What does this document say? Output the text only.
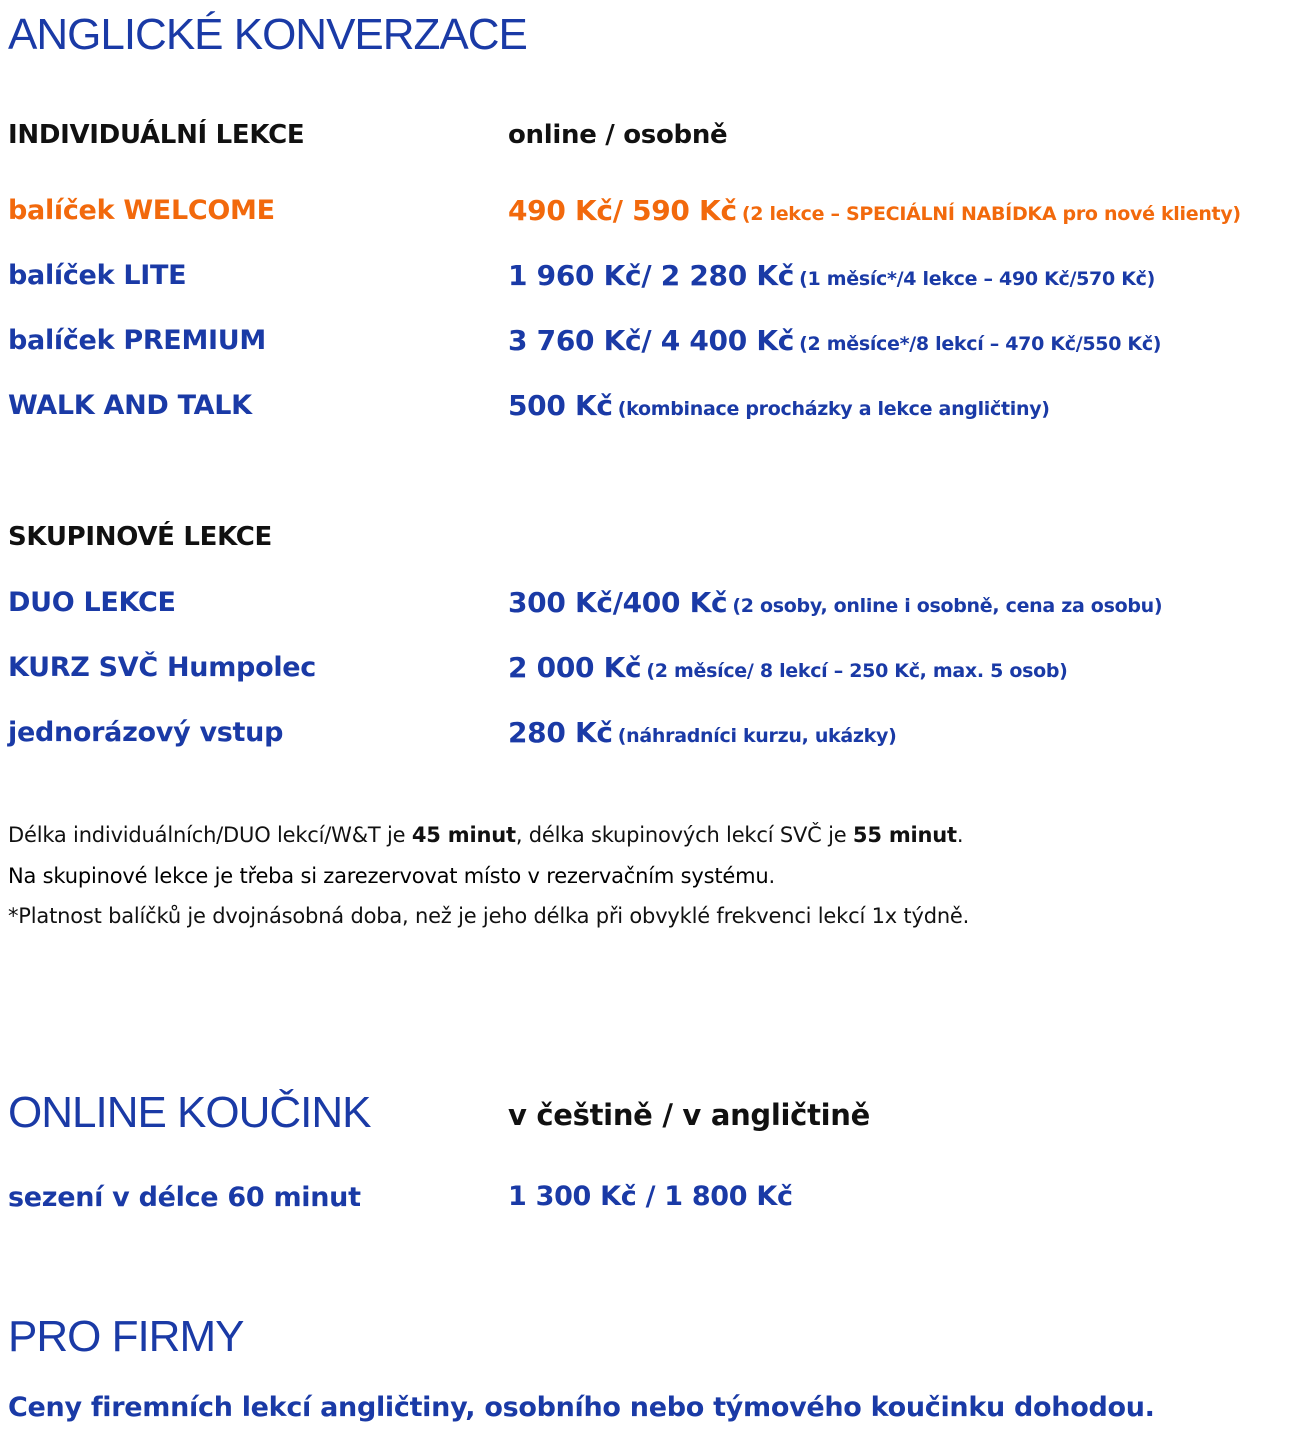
ANGLICKÉ KONVERZACE
INDIVIDUÁLNÍ LEKCE	online / osobně
balíček WELCOME	490 Kč/ 590 Kč (2 lekce – SPECIÁLNÍ NABÍDKA pro nové klienty)
balíček LITE	1 960 Kč/ 2 280 Kč (1 měsíc*/4 lekce – 490 Kč/570 Kč)
balíček PREMIUM	3 760 Kč/ 4 400 Kč (2 měsíce*/8 lekcí – 470 Kč/550 Kč)
WALK AND TALK	500 Kč (kombinace procházky a lekce angličtiny)
SKUPINOVÉ LEKCE
DUO LEKCE	300 Kč/400 Kč (2 osoby, online i osobně, cena za osobu)
KURZ SVČ Humpolec	2 000 Kč (2 měsíce/ 8 lekcí – 250 Kč, max. 5 osob)
jednorázový vstup	280 Kč (náhradníci kurzu, ukázky)
Délka individuálních/DUO lekcí/W&T je 45 minut, délka skupinových lekcí SVČ je 55 minut.
Na skupinové lekce je třeba si zarezervovat místo v rezervačním systému.
*Platnost balíčků je dvojnásobná doba, než je jeho délka při obvyklé frekvenci lekcí 1x týdně.
ONLINE KOUČINK	v češtině / v angličtině
sezení v délce 60 minut	1 300 Kč / 1 800 Kč
PRO FIRMY
Ceny firemních lekcí angličtiny, osobního nebo týmového koučinku dohodou.
